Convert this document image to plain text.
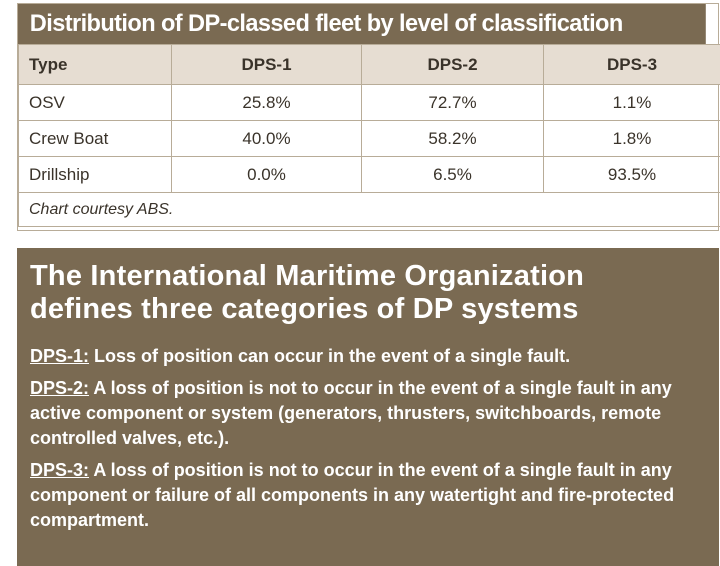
Distribution of DP-classed fleet by level of classification
Type	DPS-1	DPS-2	DPS-3
OSV	25.8%	72.7%	1.1%
Crew Boat	40.0%	58.2%	1.8%
Drillship	0.0%	6.5%	93.5%
Chart courtesy ABS.			
The International Maritime Organization
defines three categories of DP systems

DPS-1: Loss of position can occur in the event of a single fault.

DPS-2: A loss of position is not to occur in the event of a single fault in any active component or system (generators, thrusters, switchboards, remote controlled valves, etc.).

DPS-3: A loss of position is not to occur in the event of a single fault in any component or failure of all components in any watertight and fire-protected compartment.
